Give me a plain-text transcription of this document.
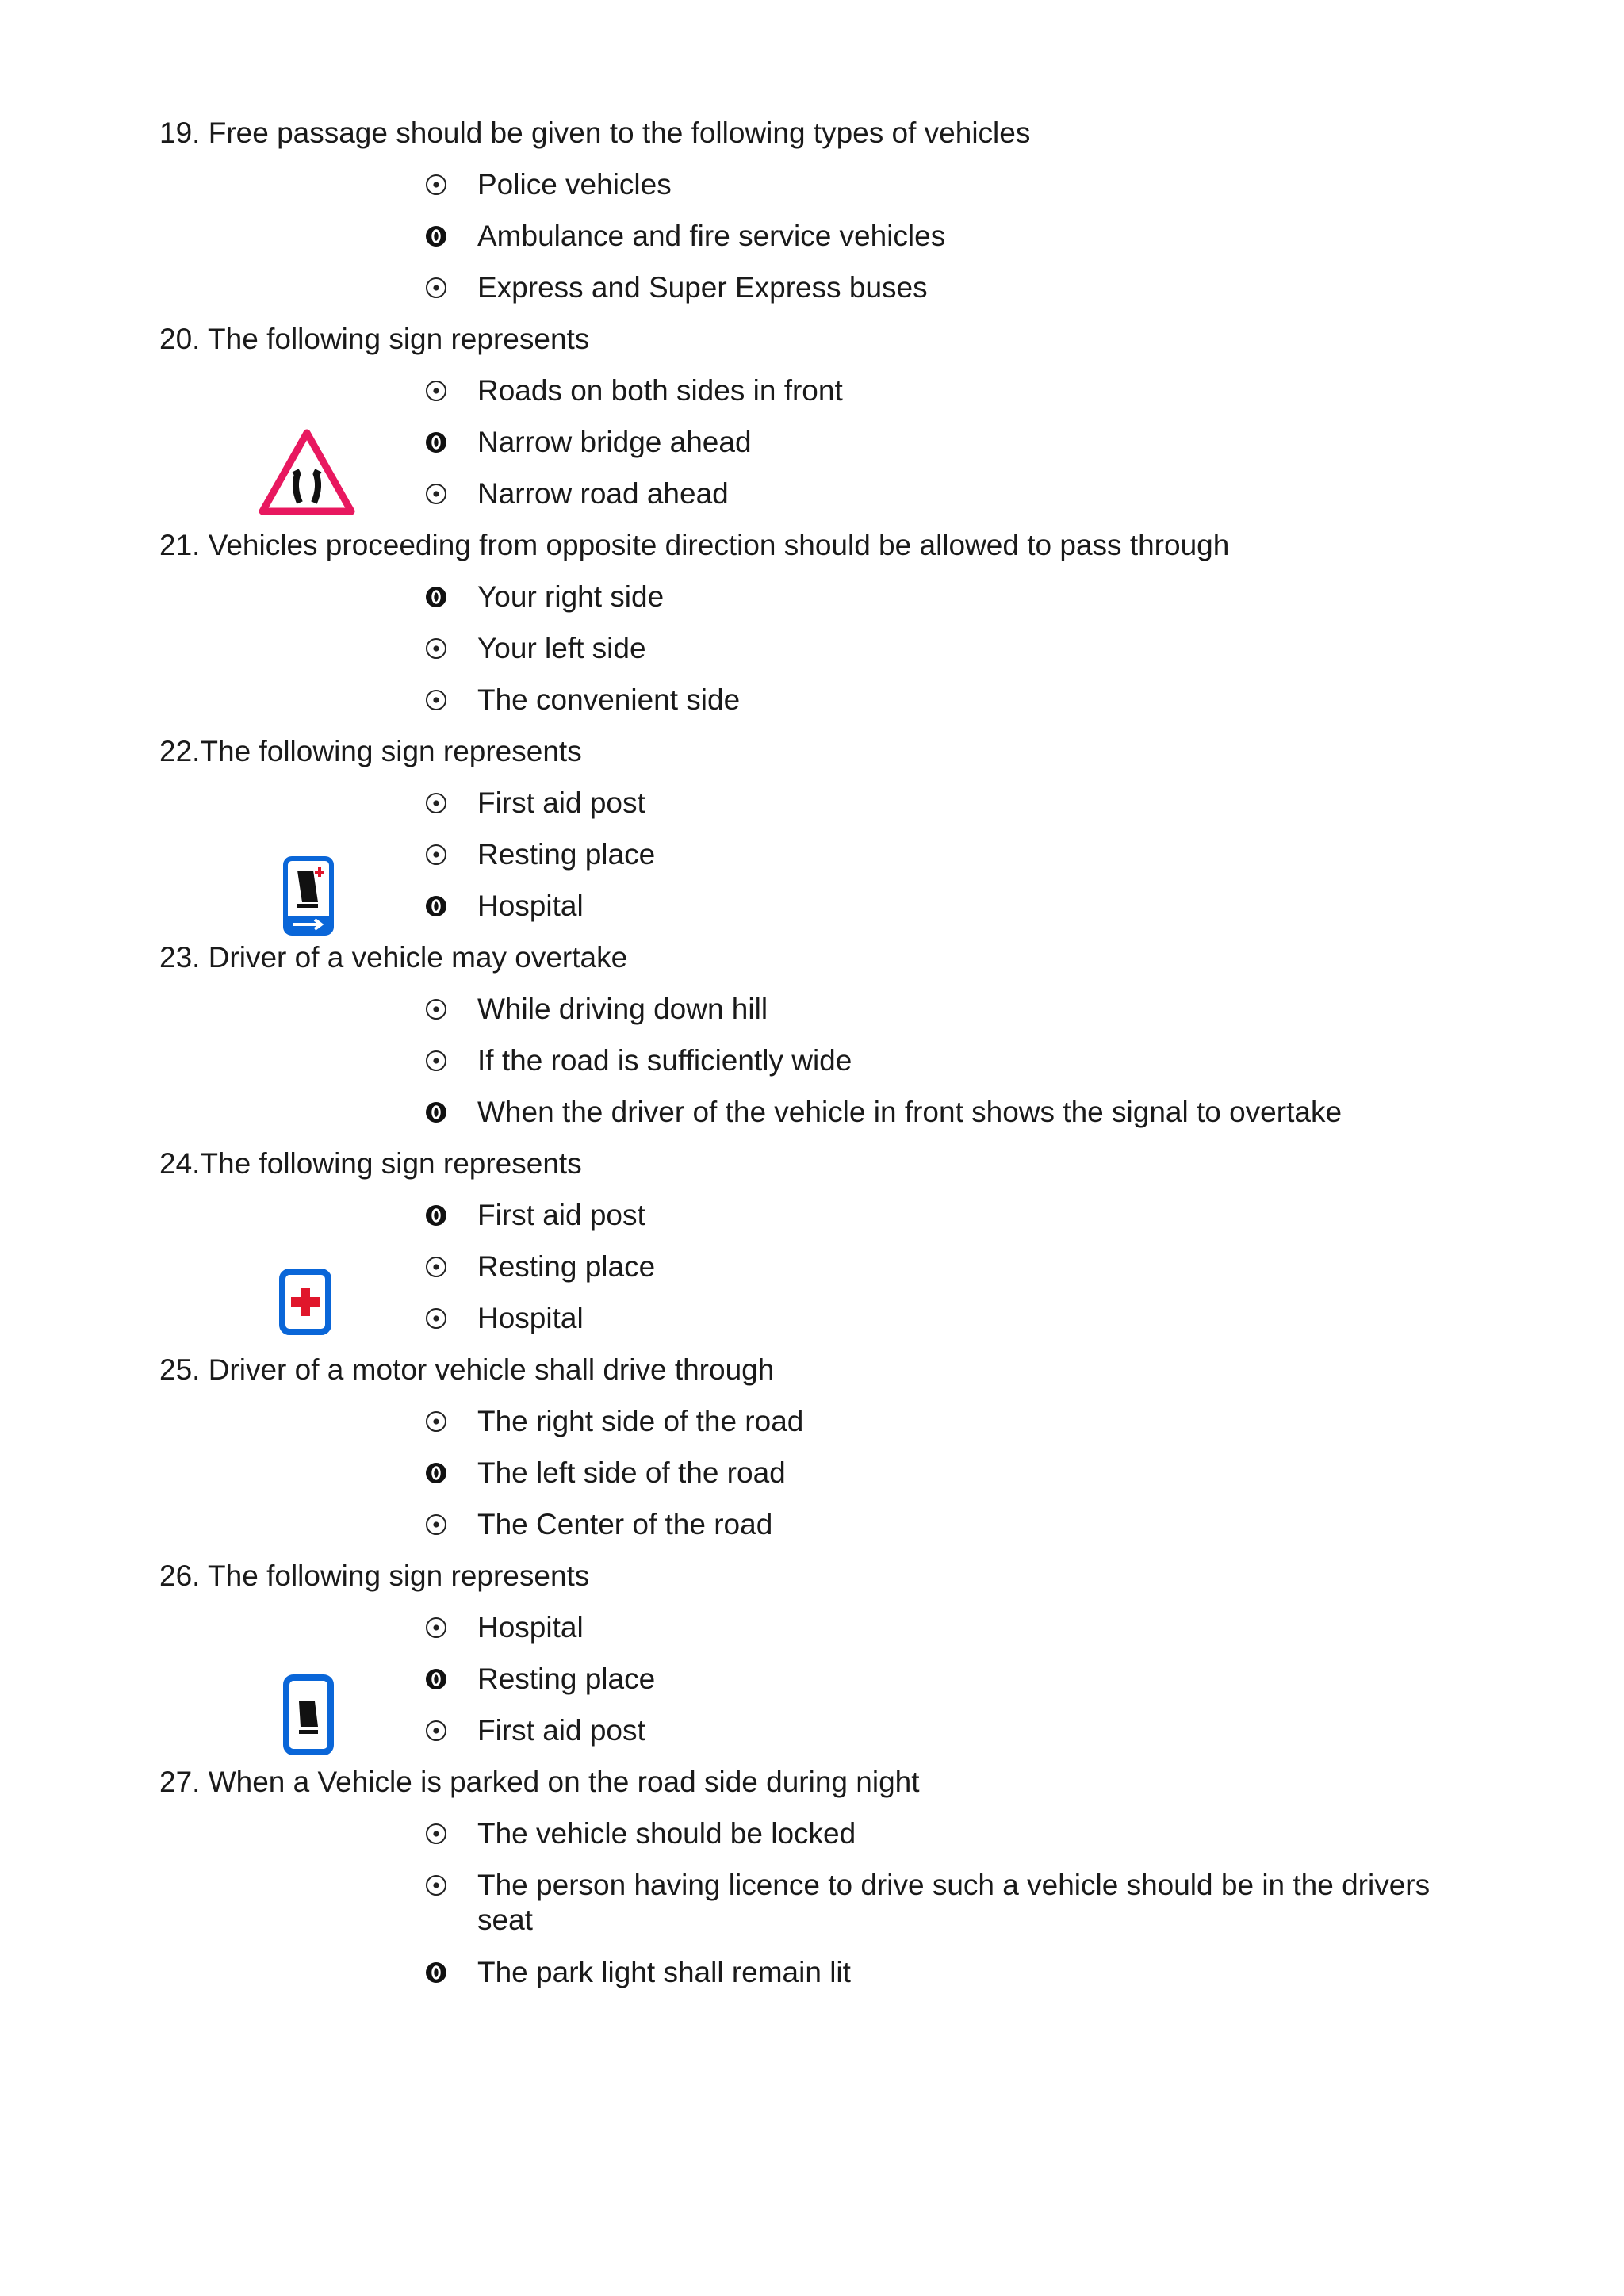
19. Free passage should be given to the following types of vehicles
Police vehicles
Ambulance and fire service vehicles
Express and Super Express buses
20. The following sign represents
Roads on both sides in front
Narrow bridge ahead
Narrow road ahead
21. Vehicles proceeding from opposite direction should be allowed to pass through
Your right side
Your left side
The convenient side
22.The following sign represents
First aid post
Resting place
Hospital
23. Driver of a vehicle may overtake
While driving down hill
If the road is sufficiently wide
When the driver of the vehicle in front shows the signal to overtake
24.The following sign represents
First aid post
Resting place
Hospital
25. Driver of a motor vehicle shall drive through
The right side of the road
The left side of the road
The Center of the road
26. The following sign represents
Hospital
Resting place
First aid post
27. When a Vehicle is parked on the road side during night
The vehicle should be locked
The person having licence to drive such a vehicle should be in the drivers seat
The park light shall remain lit
